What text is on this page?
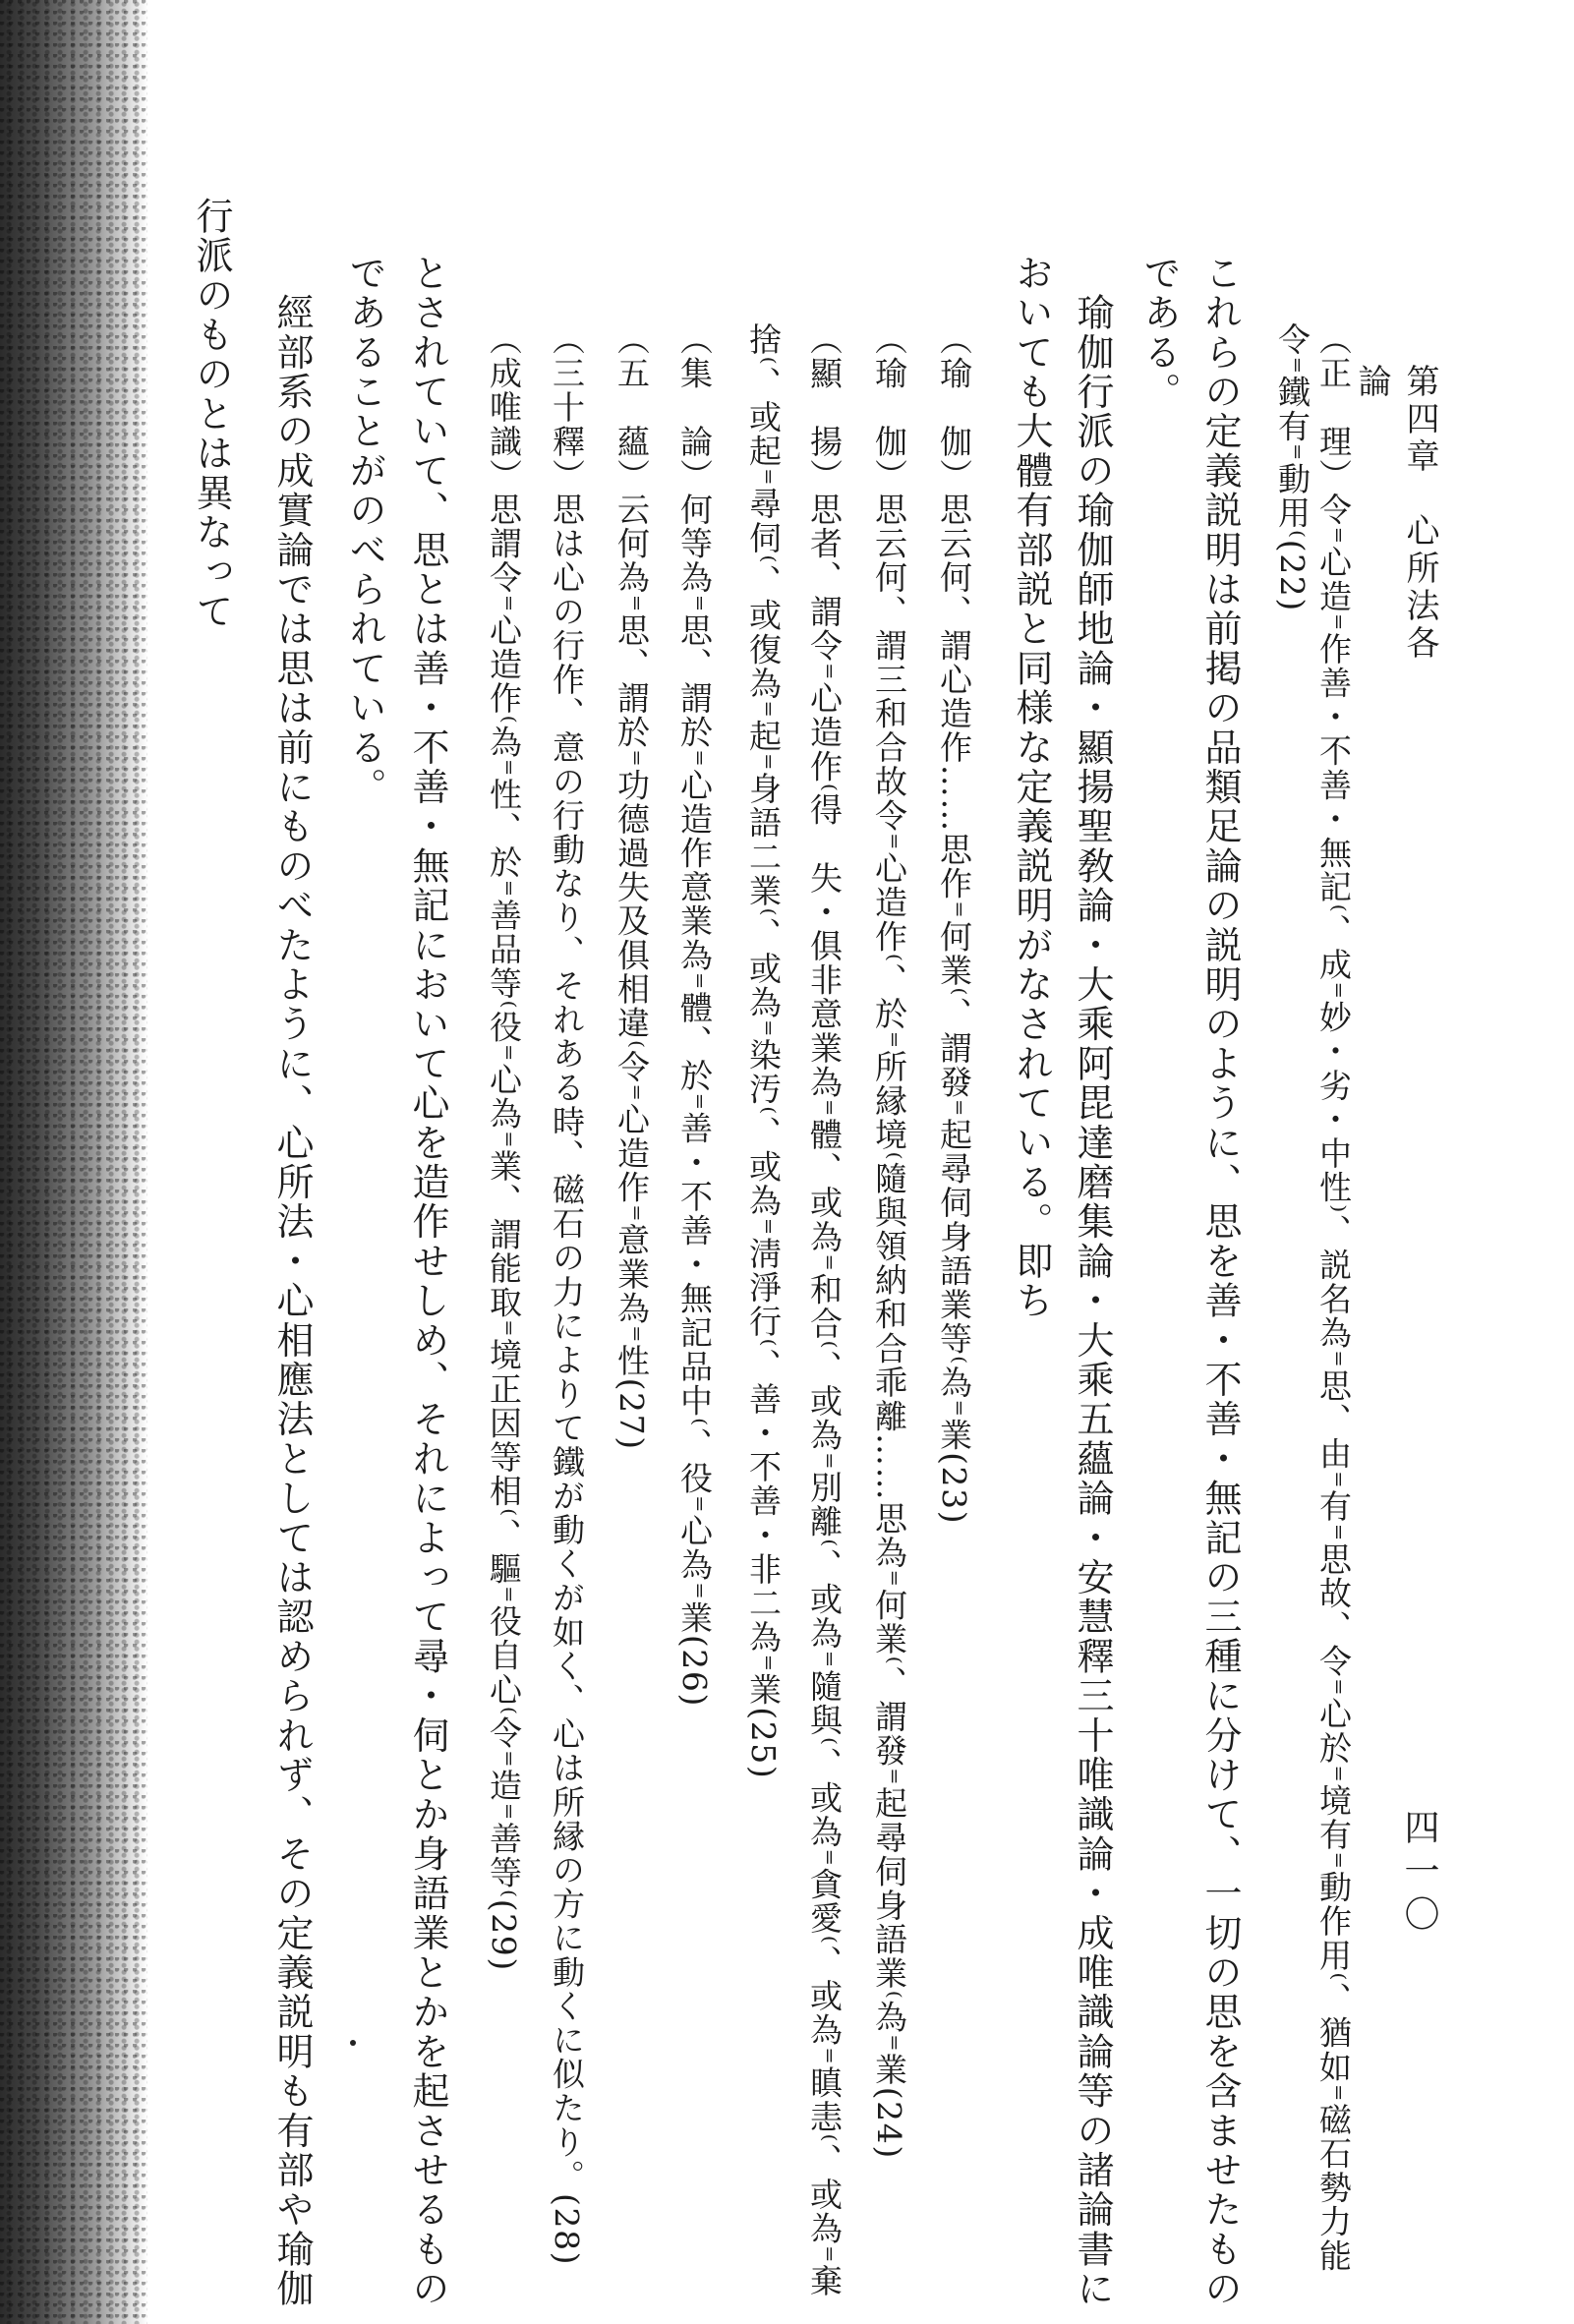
第四章　心所法各論
四一〇
（正　理）令⁼心造⁼作善・不善・無記⁽、成⁼妙・劣・中性⁾、説名為⁼思、由⁼有⁼思故、令⁼心於⁼境有⁼動作用⁽、猶如⁼磁石勢力能
令⁼鐵有⁼動用⁽(22)
これらの定義説明は前掲の品類足論の説明のように、思を善・不善・無記の三種に分けて、一切の思を含ませたもの
である。
　瑜伽行派の瑜伽師地論・顯揚聖敎論・大乘阿毘達磨集論・大乘五蘊論・安慧釋三十唯識論・成唯識論等の諸論書に
おいても大體有部説と同様な定義説明がなされている。即ち
（瑜　伽）思云何、謂心造作……思作⁼何業⁽、謂發⁼起尋伺身語業等⁽為⁼業(23)
（瑜　伽）思云何、謂三和合故令⁼心造作⁽、於⁼所縁境⁽隨與領納和合乖離……思為⁼何業⁽、謂發⁼起尋伺身語業⁽為⁼業(24)
（顯　揚）思者、謂令⁼心造作⁽得　失・俱非意業為⁼體、或為⁼和合⁽、或為⁼別離⁽、或為⁼隨與⁽、或為⁼貪愛⁽、或為⁼瞋恚⁽、或為⁼棄
捨⁽、或起⁼尋伺⁽、或復為⁼起⁼身語二業⁽、或為⁼染汚⁽、或為⁼淸淨行⁽、善・不善・非二為⁼業(25)
（集　論）何等為⁼思、謂於⁼心造作意業為⁼體、於⁼善・不善・無記品中⁽、役⁼心為⁼業(26)
（五　蘊）云何為⁼思、謂於⁼功德過失及俱相違⁽令⁼心造作⁼意業為⁼性(27)
（三十釋）思は心の行作、意の行動なり、それある時、磁石の力によりて鐵が動くが如く、心は所縁の方に動くに似たり。(28)
（成唯識）思謂令⁼心造作⁽為⁼性、於⁼善品等⁽役⁼心為⁼業、謂能取⁼境正因等相⁽、驅⁼役自心⁽令⁼造⁼善等⁽(29)
とされていて、思とは善・不善・無記において心を造作せしめ、それによって尋・伺とか身語業とかを起させるもの
であることがのべられている。
　經部系の成實論では思は前にものべたように、心所法・心相應法としては認められず、その定義説明も有部や瑜伽
行派のものとは異なって
